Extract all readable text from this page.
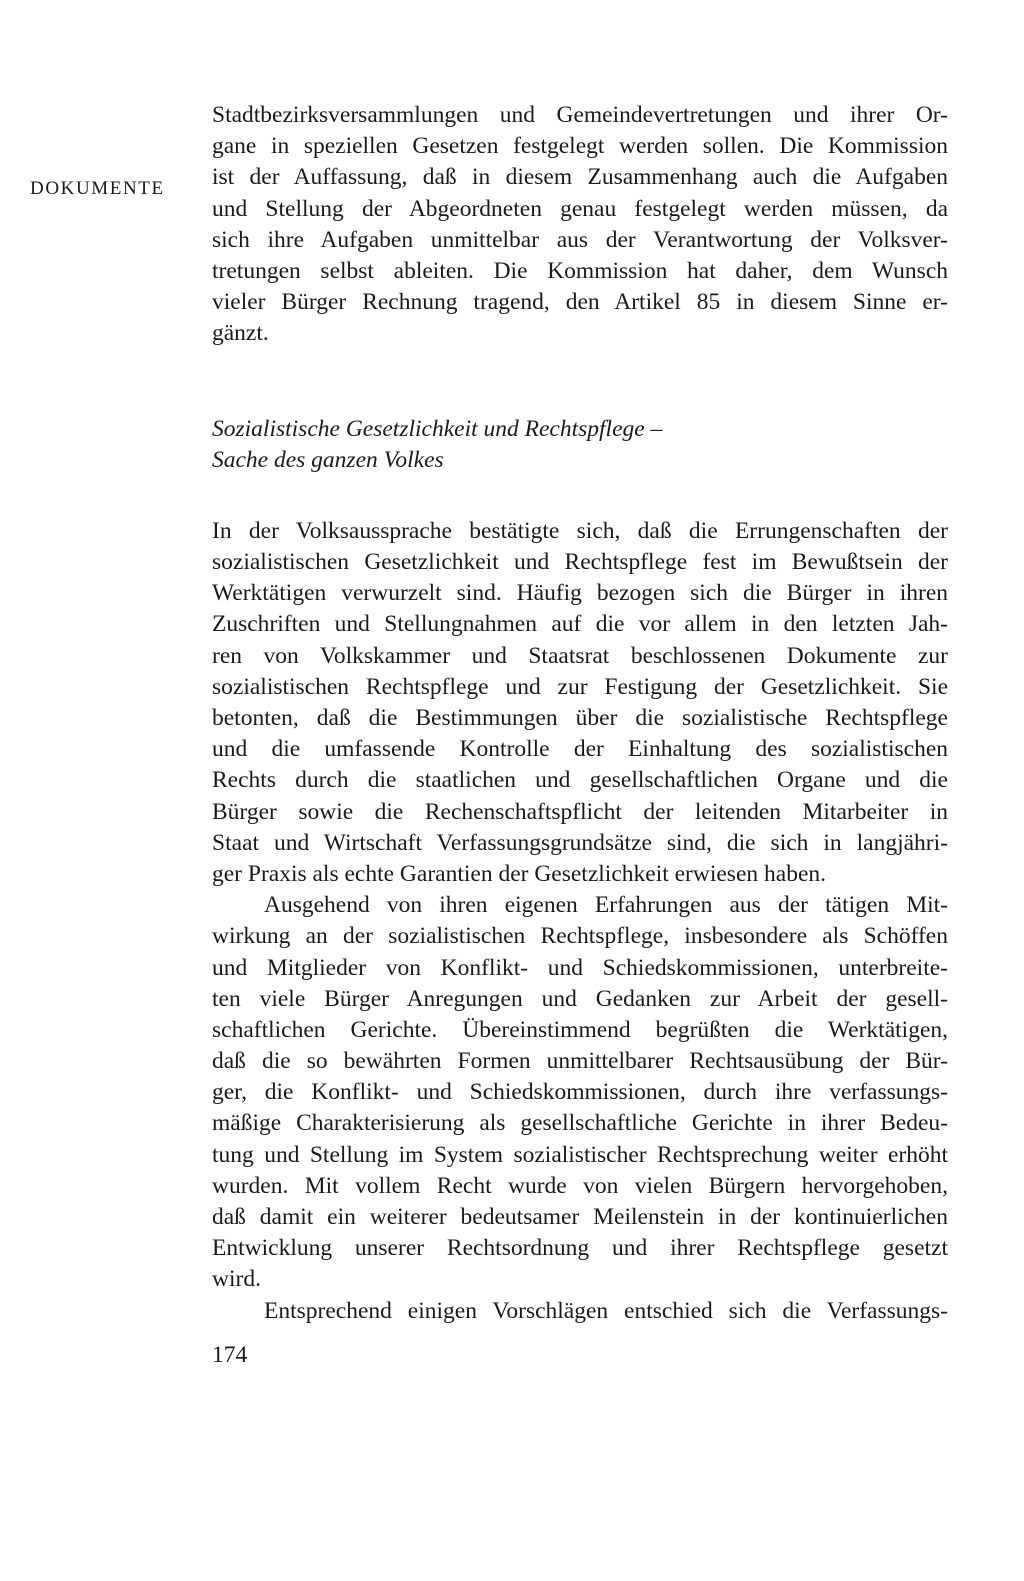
DOKUMENTE
Stadtbezirksversammlungen und Gemeindevertretungen und ihrer Or-
gane in speziellen Gesetzen festgelegt werden sollen. Die Kommission
ist der Auffassung, daß in diesem Zusammenhang auch die Aufgaben
und Stellung der Abgeordneten genau festgelegt werden müssen, da
sich ihre Aufgaben unmittelbar aus der Verantwortung der Volksver-
tretungen selbst ableiten. Die Kommission hat daher, dem Wunsch
vieler Bürger Rechnung tragend, den Artikel 85 in diesem Sinne er-
gänzt.
Sozialistische Gesetzlichkeit und Rechtspflege –
Sache des ganzen Volkes
In der Volksaussprache bestätigte sich, daß die Errungenschaften der
sozialistischen Gesetzlichkeit und Rechtspflege fest im Bewußtsein der
Werktätigen verwurzelt sind. Häufig bezogen sich die Bürger in ihren
Zuschriften und Stellungnahmen auf die vor allem in den letzten Jah-
ren von Volkskammer und Staatsrat beschlossenen Dokumente zur
sozialistischen Rechtspflege und zur Festigung der Gesetzlichkeit. Sie
betonten, daß die Bestimmungen über die sozialistische Rechtspflege
und die umfassende Kontrolle der Einhaltung des sozialistischen
Rechts durch die staatlichen und gesellschaftlichen Organe und die
Bürger sowie die Rechenschaftspflicht der leitenden Mitarbeiter in
Staat und Wirtschaft Verfassungsgrundsätze sind, die sich in langjähri-
ger Praxis als echte Garantien der Gesetzlichkeit erwiesen haben.
Ausgehend von ihren eigenen Erfahrungen aus der tätigen Mit-
wirkung an der sozialistischen Rechtspflege, insbesondere als Schöffen
und Mitglieder von Konflikt- und Schiedskommissionen, unterbreite-
ten viele Bürger Anregungen und Gedanken zur Arbeit der gesell-
schaftlichen Gerichte. Übereinstimmend begrüßten die Werktätigen,
daß die so bewährten Formen unmittelbarer Rechtsausübung der Bür-
ger, die Konflikt- und Schiedskommissionen, durch ihre verfassungs-
mäßige Charakterisierung als gesellschaftliche Gerichte in ihrer Bedeu-
tung und Stellung im System sozialistischer Rechtsprechung weiter erhöht
wurden. Mit vollem Recht wurde von vielen Bürgern hervorgehoben,
daß damit ein weiterer bedeutsamer Meilenstein in der kontinuierlichen
Entwicklung unserer Rechtsordnung und ihrer Rechtspflege gesetzt
wird.
Entsprechend einigen Vorschlägen entschied sich die Verfassungs-
174
